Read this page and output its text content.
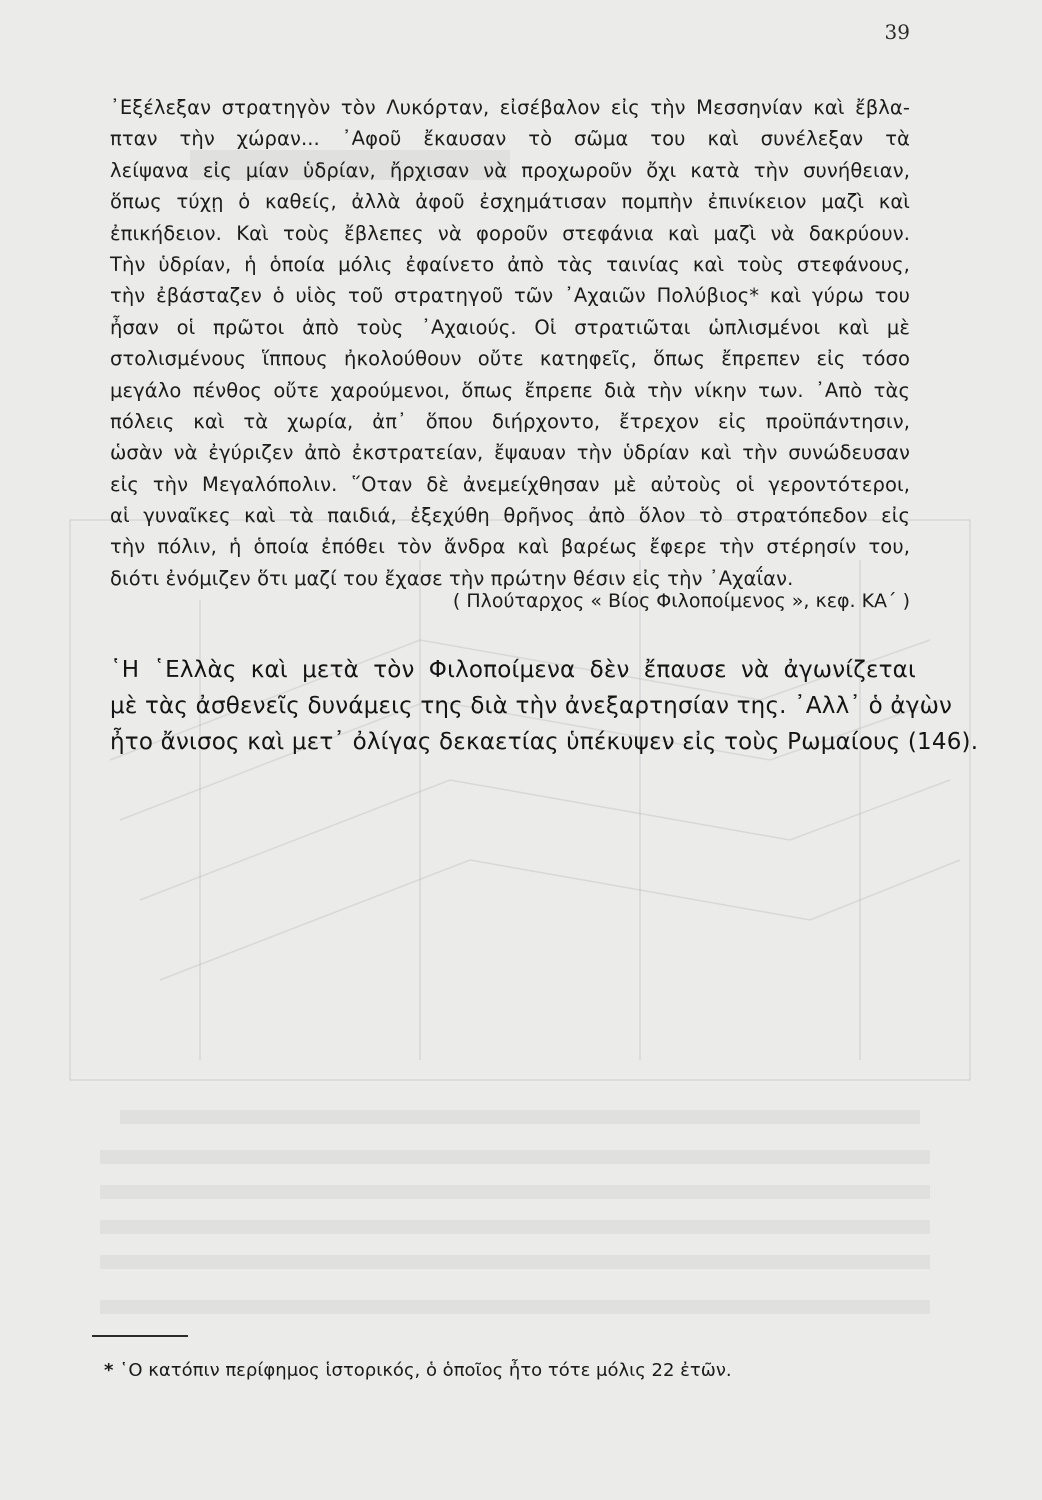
39
᾿Εξέλεξαν στρατηγὸν τὸν Λυκόρταν, εἰσέβαλον εἰς τὴν Μεσσηνίαν καὶ ἔβλα-
πταν τὴν χώραν... ᾿Αφοῦ ἔκαυσαν τὸ σῶμα του καὶ συνέλεξαν τὰ
λείψανα εἰς μίαν ὑδρίαν, ἤρχισαν νὰ προχωροῦν ὄχι κατὰ τὴν συνήθειαν,
ὅπως τύχῃ ὁ καθείς, ἀλλὰ ἀφοῦ ἐσχημάτισαν πομπὴν ἐπινίκειον μαζὶ καὶ
ἐπικήδειον. Καὶ τοὺς ἔβλεπες νὰ φοροῦν στεφάνια καὶ μαζὶ νὰ δακρύουν.
Τὴν ὑδρίαν, ἡ ὁποία μόλις ἐφαίνετο ἀπὸ τὰς ταινίας καὶ τοὺς στεφάνους,
τὴν ἐβάσταζεν ὁ υἱὸς τοῦ στρατηγοῦ τῶν ᾿Αχαιῶν Πολύβιος* καὶ γύρω του
ἦσαν οἱ πρῶτοι ἀπὸ τοὺς ᾿Αχαιούς. Οἱ στρατιῶται ὡπλισμένοι καὶ μὲ
στολισμένους ἵππους ἠκολούθουν οὔτε κατηφεῖς, ὅπως ἔπρεπεν εἰς τόσο
μεγάλο πένθος οὔτε χαρούμενοι, ὅπως ἔπρεπε διὰ τὴν νίκην των. ᾿Απὸ τὰς
πόλεις καὶ τὰ χωρία, ἀπ᾿ ὅπου διήρχοντο, ἔτρεχον εἰς προϋπάντησιν,
ὡσὰν νὰ ἐγύριζεν ἀπὸ ἐκστρατείαν, ἔψαυαν τὴν ὑδρίαν καὶ τὴν συνώδευσαν
εἰς τὴν Μεγαλόπολιν. ῞Οταν δὲ ἀνεμείχθησαν μὲ αὐτοὺς οἱ γεροντότεροι,
αἱ γυναῖκες καὶ τὰ παιδιά, ἐξεχύθη θρῆνος ἀπὸ ὅλον τὸ στρατόπεδον εἰς
τὴν πόλιν, ἡ ὁποία ἐπόθει τὸν ἄνδρα καὶ βαρέως ἔφερε τὴν στέρησίν του,
διότι ἐνόμιζεν ὅτι μαζί του ἔχασε τὴν πρώτην θέσιν εἰς τὴν ᾿Αχαΐαν.
( Πλούταρχος « Βίος Φιλοποίμενος », κεφ. ΚΑ΄ )
῾Η ῾Ελλὰς καὶ μετὰ τὸν Φιλοποίμενα δὲν ἔπαυσε νὰ ἀγωνίζεται
μὲ τὰς ἀσθενεῖς δυνάμεις της διὰ τὴν ἀνεξαρτησίαν της. ᾿Αλλ᾿ ὁ ἀγὼν
ἦτο ἄνισος καὶ μετ᾿ ὀλίγας δεκαετίας ὑπέκυψεν εἰς τοὺς Ρωμαίους (146).
* ῾Ο κατόπιν περίφημος ἱστορικός, ὁ ὁποῖος ἦτο τότε μόλις 22 ἐτῶν.
